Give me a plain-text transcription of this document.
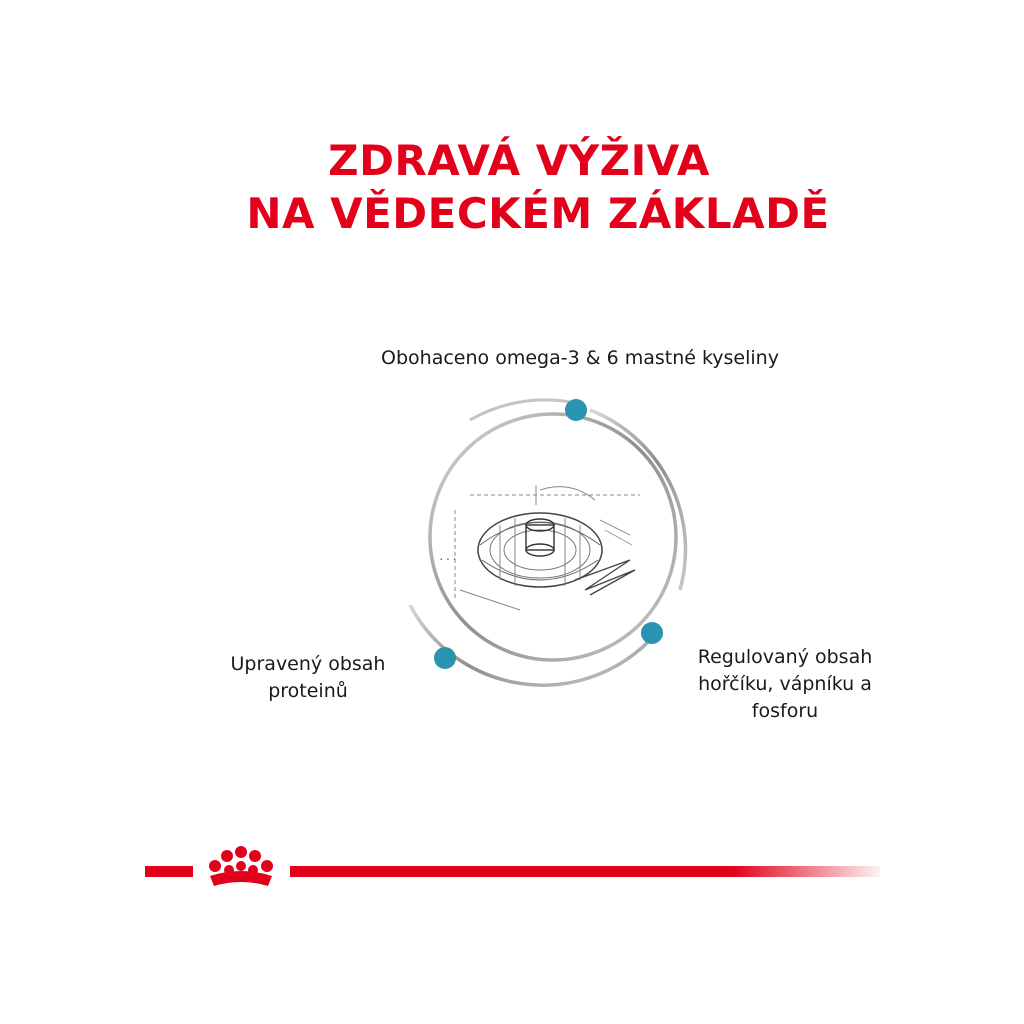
ZDRAVÁ VÝŽIVA
NA VĚDECKÉM ZÁKLADĚ
Obohaceno omega-3 & 6 mastné kyseliny
Upravený obsah
proteinů
Regulovaný obsah
hořčíku, vápníku a
fosforu
...
